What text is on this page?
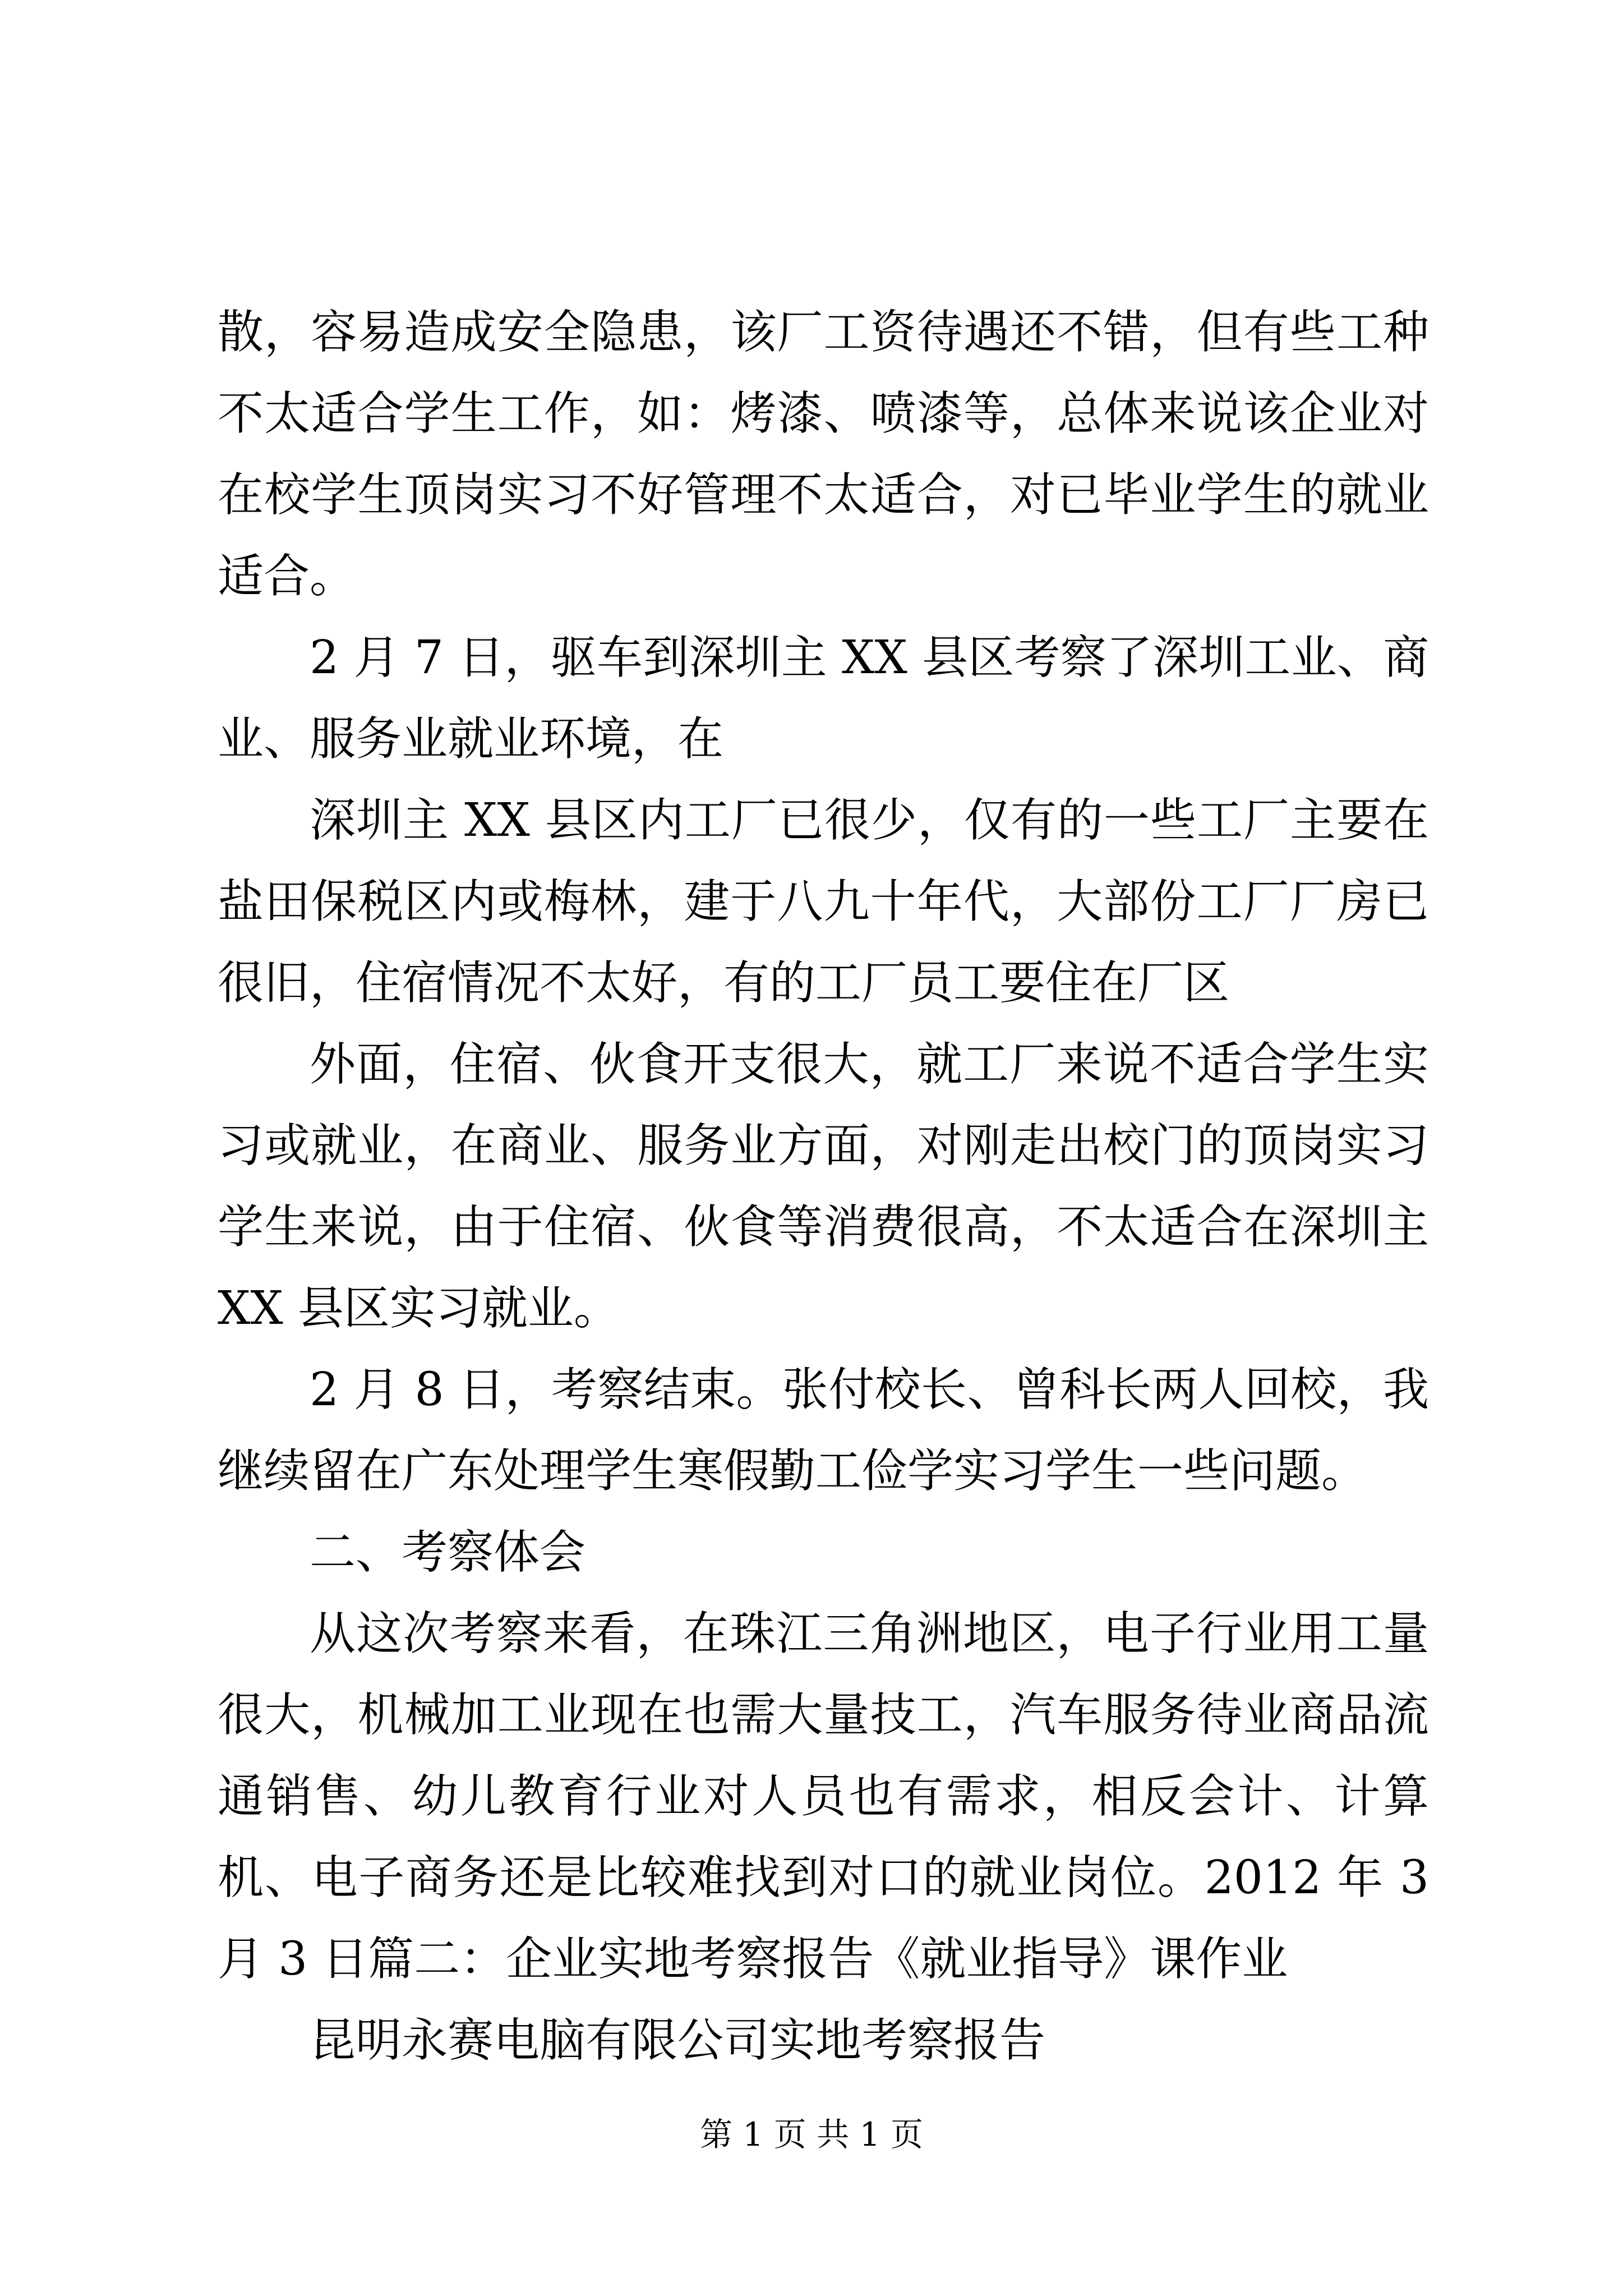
散，容易造成安全隐患，该厂工资待遇还不错，但有些工种不太适合学生工作，如：烤漆、喷漆等，总体来说该企业对在校学生顶岗实习不好管理不太适合，对已毕业学生的就业适合。

2 月 7 日，驱车到深圳主 XX 县区考察了深圳工业、商业、服务业就业环境，在

深圳主 XX 县区内工厂已很少，仅有的一些工厂主要在盐田保税区内或梅林，建于八九十年代，大部份工厂厂房已很旧，住宿情况不太好，有的工厂员工要住在厂区

外面，住宿、伙食开支很大，就工厂来说不适合学生实习或就业，在商业、服务业方面，对刚走出校门的顶岗实习学生来说，由于住宿、伙食等消费很高，不太适合在深圳主 XX 县区实习就业。

2 月 8 日，考察结束。张付校长、曾科长两人回校，我继续留在广东处理学生寒假勤工俭学实习学生一些问题。

二、考察体会

从这次考察来看，在珠江三角洲地区，电子行业用工量很大，机械加工业现在也需大量技工，汽车服务待业商品流通销售、幼儿教育行业对人员也有需求，相反会计、计算机、电子商务还是比较难找到对口的就业岗位。2012 年 3 月 3 日篇二：企业实地考察报告《就业指导》课作业

昆明永赛电脑有限公司实地考察报告

第 1 页 共 1 页
